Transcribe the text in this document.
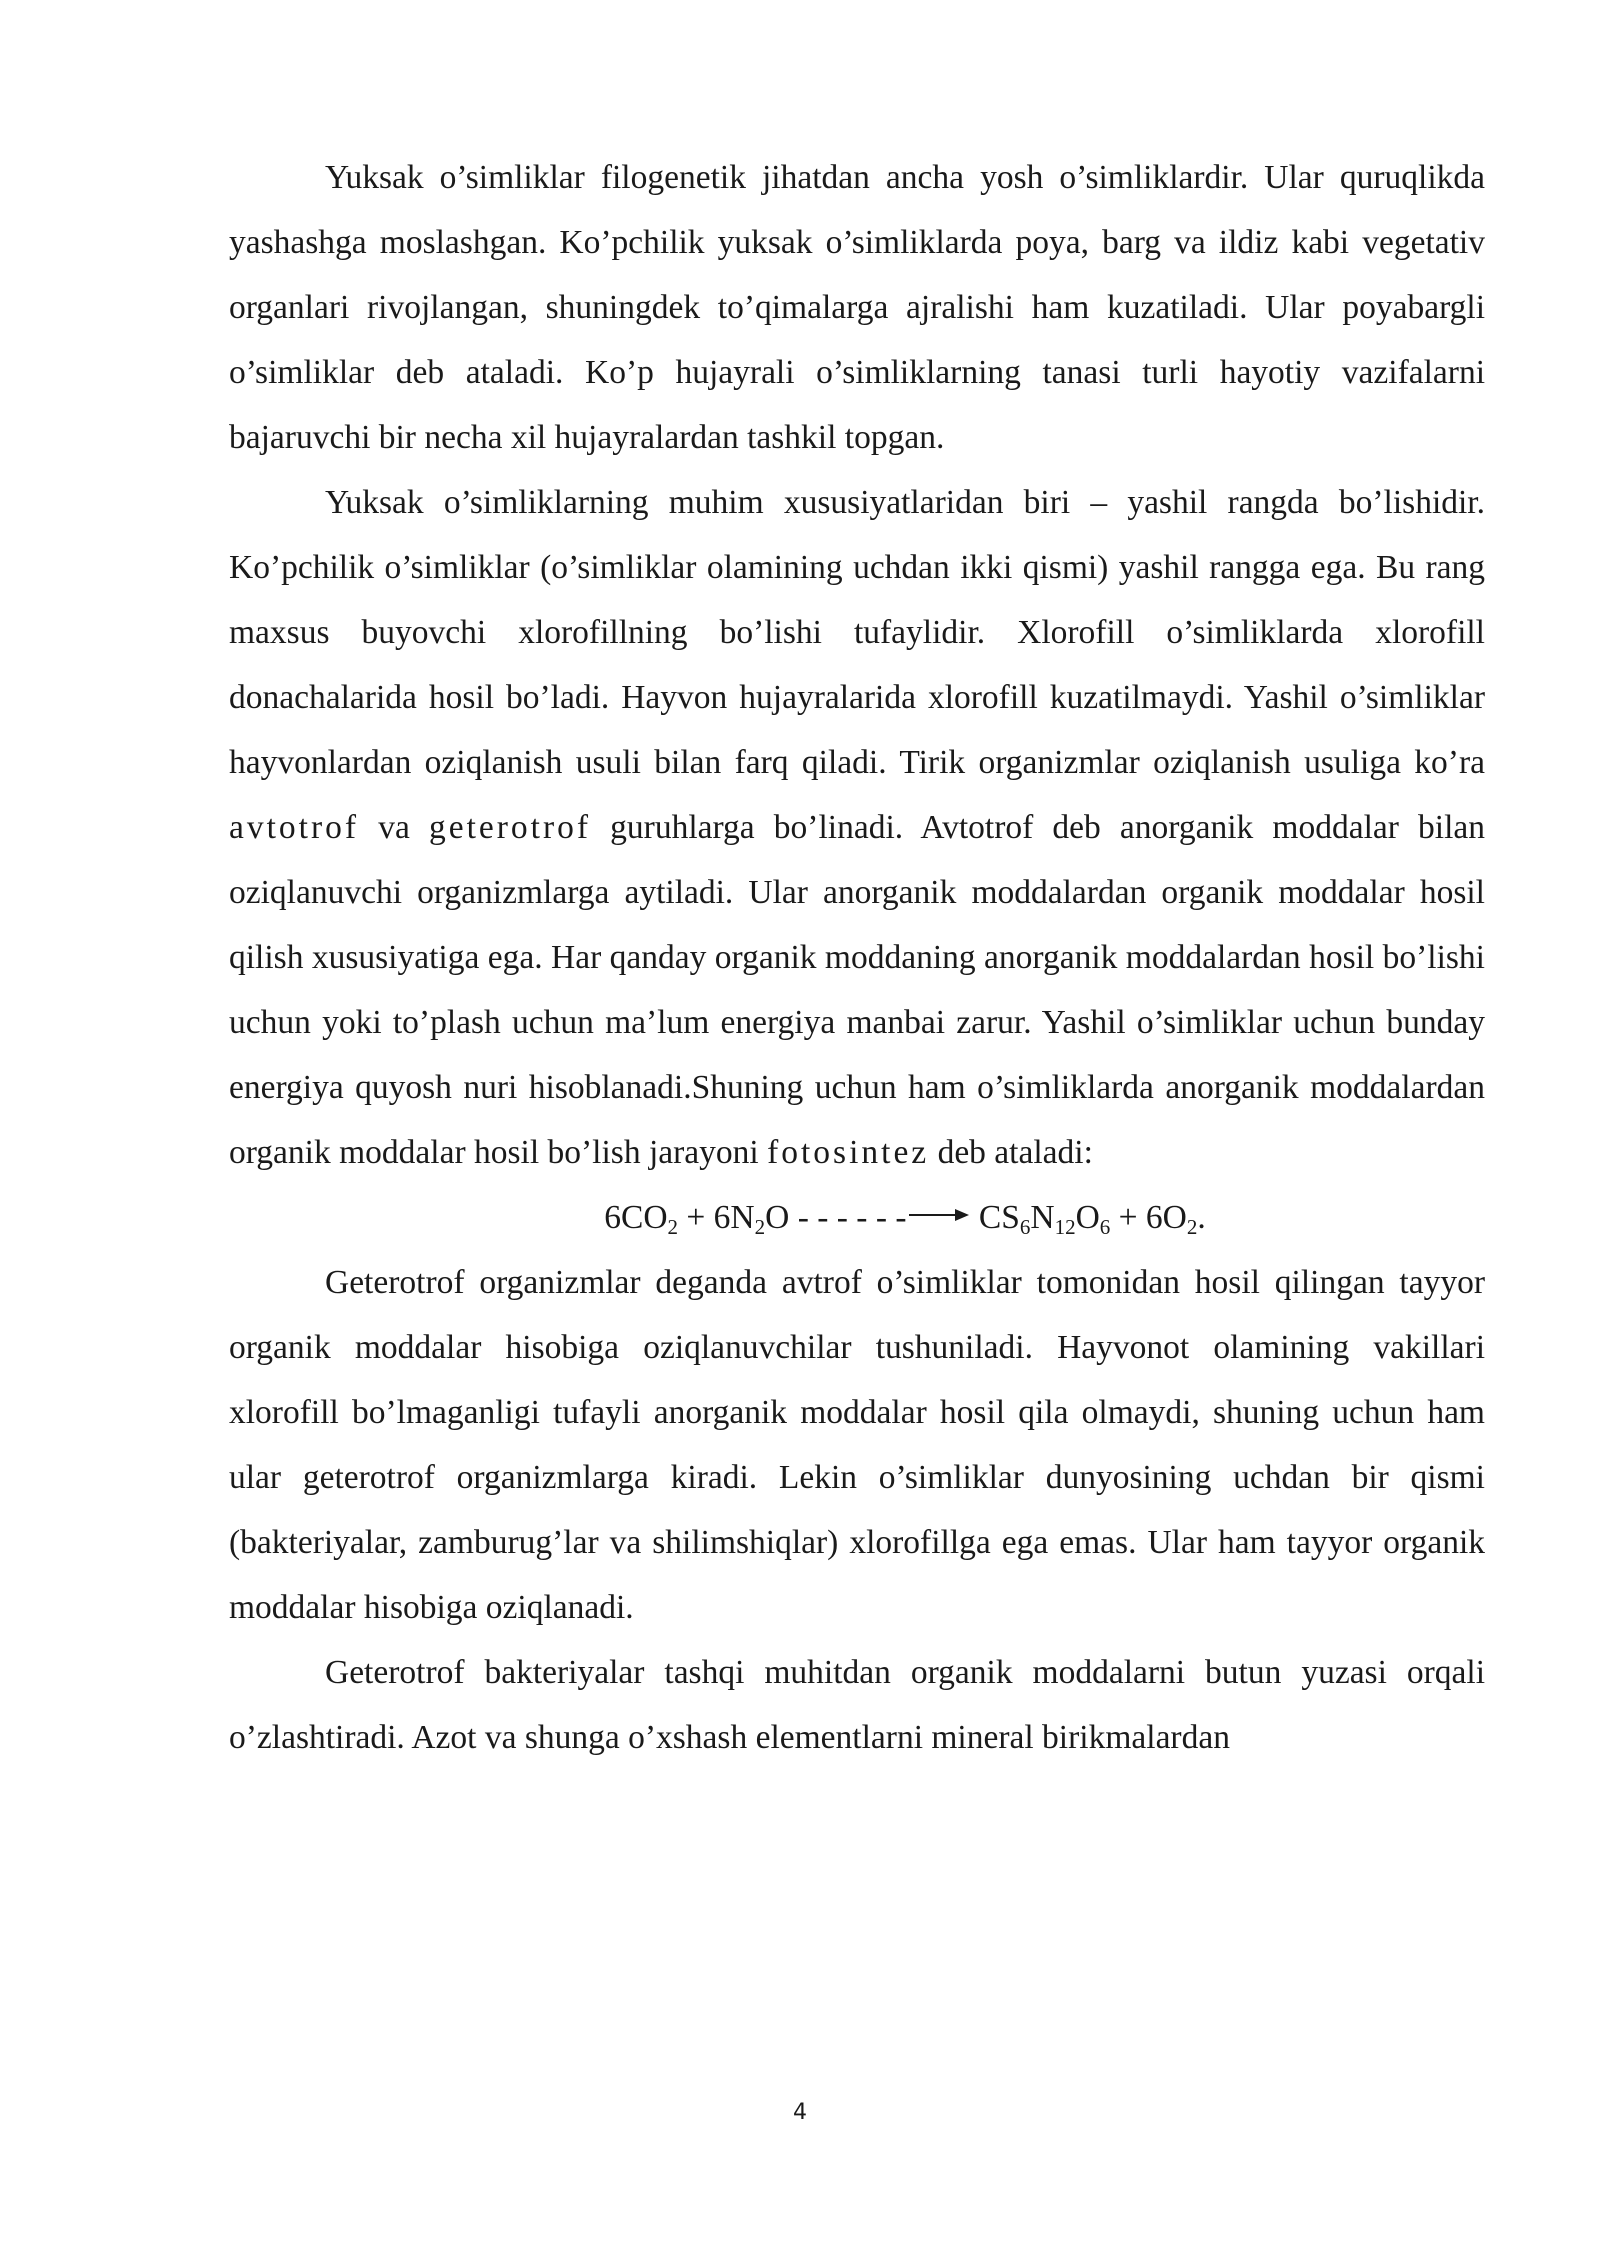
Yuksak o’simliklar filogenetik jihatdan ancha yosh o’simliklardir. Ular quruqlikda yashashga moslashgan. Ko’pchilik yuksak o’simliklarda poya, barg va ildiz kabi vegetativ organlari rivojlangan, shuningdek to’qimalarga ajralishi ham kuzatiladi. Ular poyabargli o’simliklar deb ataladi. Ko’p hujayrali o’simliklarning tanasi turli hayotiy vazifalarni bajaruvchi bir necha xil hujayralardan tashkil topgan.

Yuksak o’simliklarning muhim xususiyatlaridan biri – yashil rangda bo’lishidir. Ko’pchilik o’simliklar (o’simliklar olamining uchdan ikki qismi) yashil rangga ega. Bu rang maxsus buyovchi xlorofillning bo’lishi tufaylidir. Xlorofill o’simliklarda xlorofill donachalarida hosil bo’ladi. Hayvon hujayralarida xlorofill kuzatilmaydi. Yashil o’simliklar hayvonlardan oziqlanish usuli bilan farq qiladi. Tirik organizmlar oziqlanish usuliga ko’ra avtotrof va geterotrof guruhlarga bo’linadi. Avtotrof deb anorganik moddalar bilan oziqlanuvchi organizmlarga aytiladi. Ular anorganik moddalardan organik moddalar hosil qilish xususiyatiga ega. Har qanday organik moddaning anorganik moddalardan hosil bo’lishi uchun yoki to’plash uchun ma’lum energiya manbai zarur. Yashil o’simliklar uchun bunday energiya quyosh nuri hisoblanadi.Shuning uchun ham o’simliklarda anorganik moddalardan organik moddalar hosil bo’lish jarayoni fotosintez deb ataladi:

$6CO_2 + 6N_2O$ - - - - - - → $CS_6N_{12}O_6 + 6O_2$.

Geterotrof organizmlar deganda avtrof o’simliklar tomonidan hosil qilingan tayyor organik moddalar hisobiga oziqlanuvchilar tushuniladi. Hayvonot olamining vakillari xlorofill bo’lmaganligi tufayli anorganik moddalar hosil qila olmaydi, shuning uchun ham ular geterotrof organizmlarga kiradi. Lekin o’simliklar dunyosining uchdan bir qismi (bakteriyalar, zamburug’lar va shilimshiqlar) xlorofillga ega emas. Ular ham tayyor organik moddalar hisobiga oziqlanadi.

Geterotrof bakteriyalar tashqi muhitdan organik moddalarni butun yuzasi orqali o’zlashtiradi. Azot va shunga o’xshash elementlarni mineral birikmalardan

4
